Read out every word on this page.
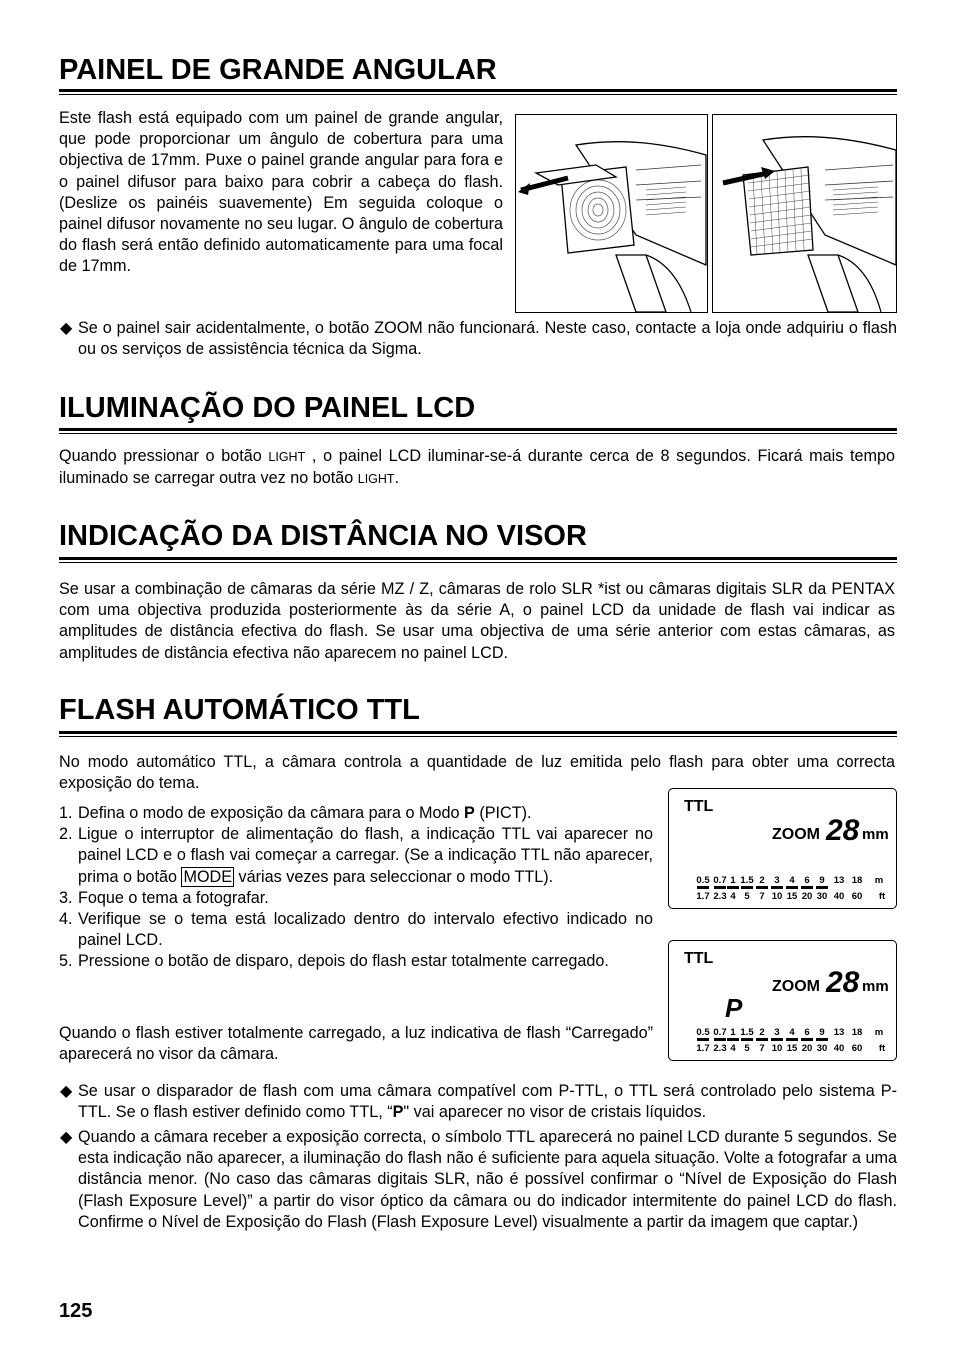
PAINEL DE GRANDE ANGULAR

Este flash está equipado com um painel de grande angular, que pode proporcionar um ângulo de cobertura para uma objectiva de 17mm. Puxe o painel grande angular para fora e o painel difusor para baixo para cobrir a cabeça do flash. (Deslize os painéis suavemente) Em seguida coloque o painel difusor novamente no seu lugar. O ângulo de cobertura do flash será então definido automaticamente para uma focal de 17mm.

◆ Se o painel sair acidentalmente, o botão ZOOM não funcionará. Neste caso, contacte a loja onde adquiriu o flash ou os serviços de assistência técnica da Sigma.
ILUMINAÇÃO DO PAINEL LCD

Quando pressionar o botão LIGHT , o painel LCD iluminar-se-á durante cerca de 8 segundos. Ficará mais tempo iluminado se carregar outra vez no botão LIGHT.

INDICAÇÃO DA DISTÂNCIA NO VISOR

Se usar a combinação de câmaras da série MZ / Z, câmaras de rolo SLR *ist ou câmaras digitais SLR da PENTAX com uma objectiva produzida posteriormente às da série A, o painel LCD da unidade de flash vai indicar as amplitudes de distância efectiva do flash. Se usar uma objectiva de uma série anterior com estas câmaras, as amplitudes de distância efectiva não aparecem no painel LCD.

FLASH AUTOMÁTICO TTL

No modo automático TTL, a câmara controla a quantidade de luz emitida pelo flash para obter uma correcta exposição do tema.

1. Defina o modo de exposição da câmara para o Modo P (PICT).
2. Ligue o interruptor de alimentação do flash, a indicação TTL vai aparecer no painel LCD e o flash vai começar a carregar. (Se a indicação TTL não aparecer, prima o botão MODE várias vezes para seleccionar o modo TTL).
3. Foque o tema a fotografar.
4. Verifique se o tema está localizado dentro do intervalo efectivo indicado no painel LCD.
5. Pressione o botão de disparo, depois do flash estar totalmente carregado.

Quando o flash estiver totalmente carregado, a luz indicativa de flash “Carregado” aparecerá no visor da câmara.

TTL
ZOOM 28 mm
0.5 0.7 1 1.5 2 3 4 6 9 13 18 m
1.7 2.3 4 5 7 10 15 20 30 40 60 ft
TTL
ZOOM 28 mm
P
0.5 0.7 1 1.5 2 3 4 6 9 13 18 m
1.7 2.3 4 5 7 10 15 20 30 40 60 ft
◆ Se usar o disparador de flash com uma câmara compatível com P-TTL, o TTL será controlado pelo sistema P-TTL. Se o flash estiver definido como TTL, “P" vai aparecer no visor de cristais líquidos.
◆ Quando a câmara receber a exposição correcta, o símbolo TTL aparecerá no painel LCD durante 5 segundos. Se esta indicação não aparecer, a iluminação do flash não é suficiente para aquela situação. Volte a fotografar a uma distância menor. (No caso das câmaras digitais SLR, não é possível confirmar o “Nível de Exposição do Flash (Flash Exposure Level)” a partir do visor óptico da câmara ou do indicador intermitente do painel LCD do flash. Confirme o Nível de Exposição do Flash (Flash Exposure Level) visualmente a partir da imagem que captar.)
125
